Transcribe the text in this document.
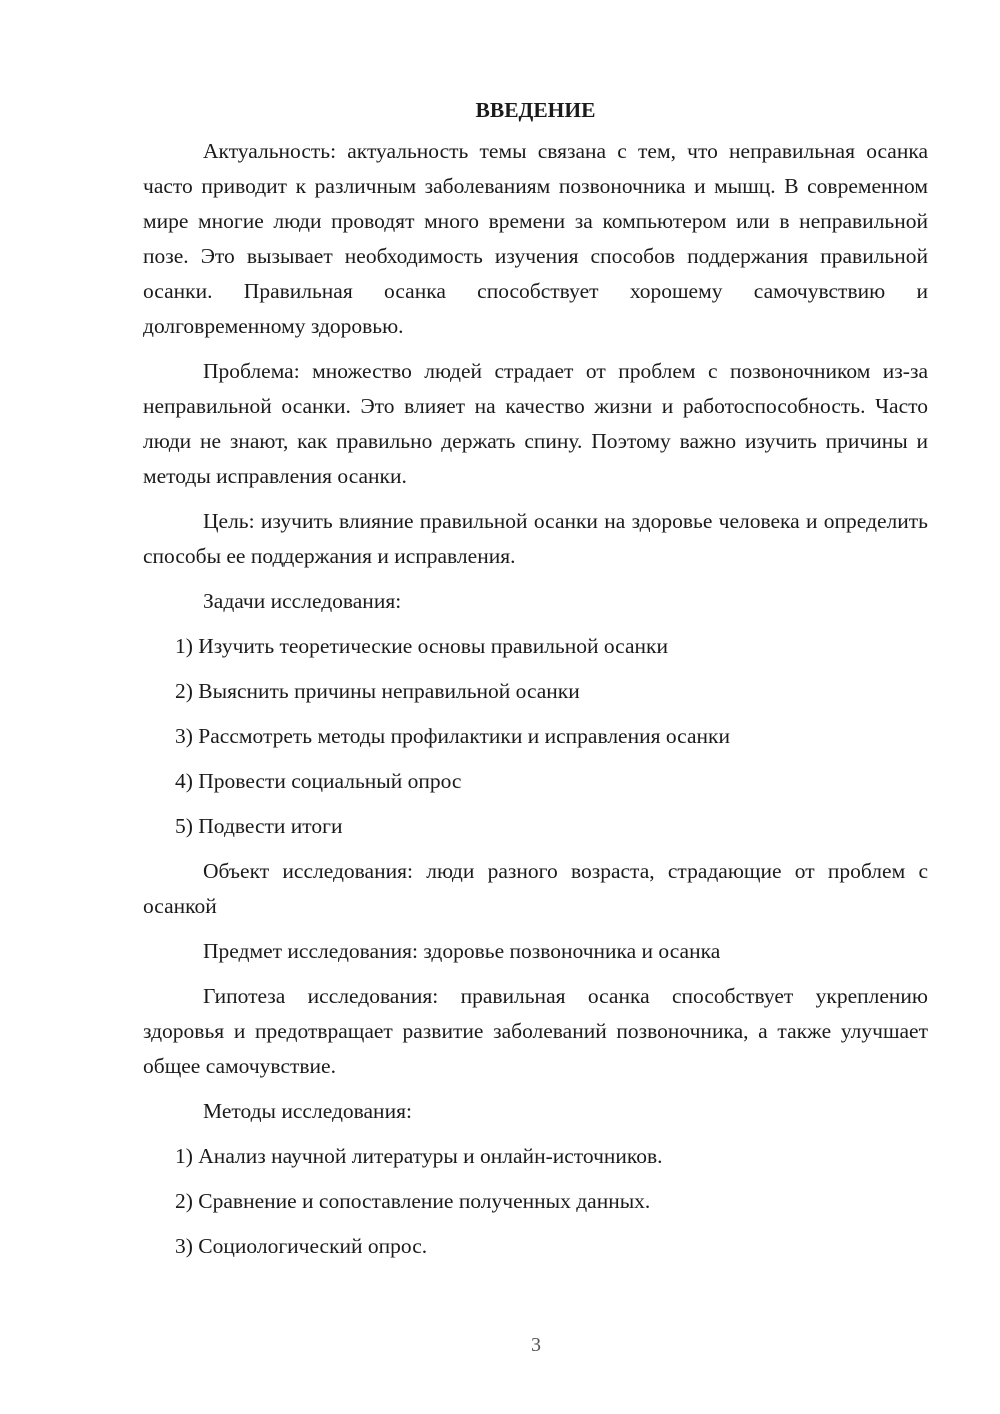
ВВЕДЕНИЕ

Актуальность: актуальность темы связана с тем, что неправильная осанка часто приводит к различным заболеваниям позвоночника и мышц. В современном мире многие люди проводят много времени за компьютером или в неправильной позе. Это вызывает необходимость изучения способов поддержания правильной осанки. Правильная осанка способствует хорошему самочувствию и долговременному здоровью.

Проблема: множество людей страдает от проблем с позвоночником из-за неправильной осанки. Это влияет на качество жизни и работоспособность. Часто люди не знают, как правильно держать спину. Поэтому важно изучить причины и методы исправления осанки.

Цель: изучить влияние правильной осанки на здоровье человека и определить способы ее поддержания и исправления.

Задачи исследования:

1) Изучить теоретические основы правильной осанки

2) Выяснить причины неправильной осанки

3) Рассмотреть методы профилактики и исправления осанки

4) Провести социальный опрос

5) Подвести итоги

Объект исследования: люди разного возраста, страдающие от проблем с осанкой

Предмет исследования: здоровье позвоночника и осанка

Гипотеза исследования: правильная осанка способствует укреплению здоровья и предотвращает развитие заболеваний позвоночника, а также улучшает общее самочувствие.

Методы исследования:

1) Анализ научной литературы и онлайн-источников.

2) Сравнение и сопоставление полученных данных.

3) Социологический опрос.

3
